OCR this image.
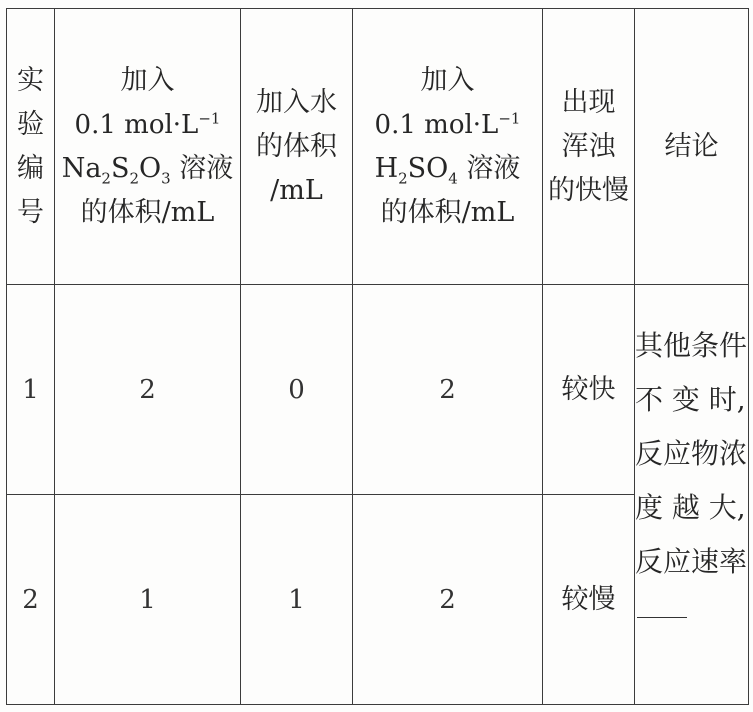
实
验
编
号	加入
0.1 $mol\cdot L^{-1}$
$Na_2S_2O_3$ 溶液
的体积/mL	加入水
的体积
/mL	加入
0.1 $mol\cdot L^{-1}$
$H_2SO_4$ 溶液
的体积/mL	出现
浑浊
的快慢	结论
1	2	0	2	较快	其他条件
不 变 时,
反应物浓
度 越 大,
反应速率

2	1	1	2	较慢	
